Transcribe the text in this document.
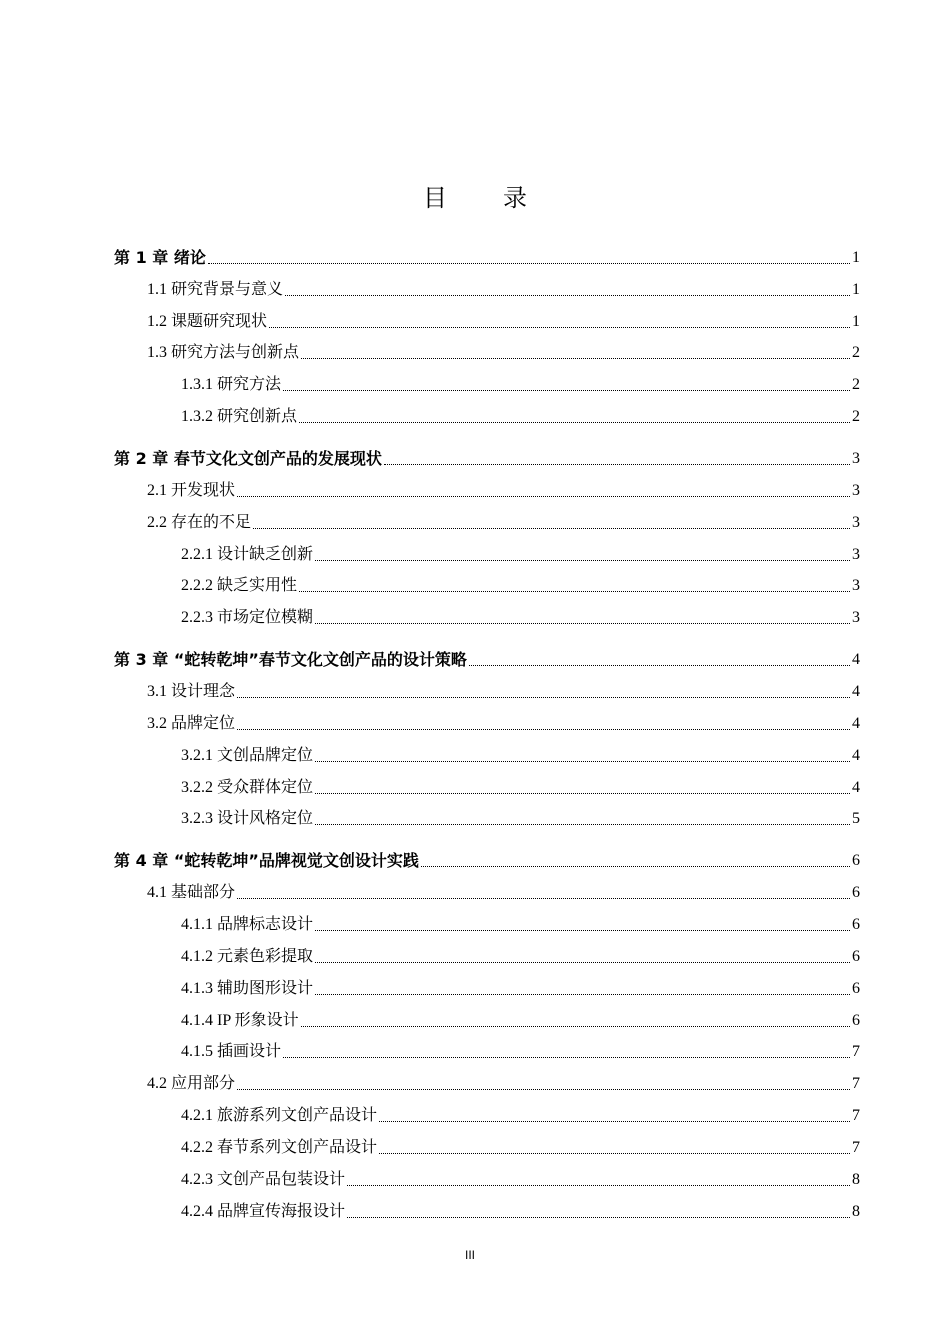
目　录
第 1 章 绪论	1
1.1 研究背景与意义	1
1.2 课题研究现状	1
1.3 研究方法与创新点	2
1.3.1 研究方法	2
1.3.2 研究创新点	2
第 2 章 春节文化文创产品的发展现状	3
2.1 开发现状	3
2.2 存在的不足	3
2.2.1 设计缺乏创新	3
2.2.2 缺乏实用性	3
2.2.3 市场定位模糊	3
第 3 章 “蛇转乾坤”春节文化文创产品的设计策略	4
3.1 设计理念	4
3.2 品牌定位	4
3.2.1 文创品牌定位	4
3.2.2 受众群体定位	4
3.2.3 设计风格定位	5
第 4 章 “蛇转乾坤”品牌视觉文创设计实践	6
4.1 基础部分	6
4.1.1 品牌标志设计	6
4.1.2 元素色彩提取	6
4.1.3 辅助图形设计	6
4.1.4 IP 形象设计	6
4.1.5 插画设计	7
4.2 应用部分	7
4.2.1 旅游系列文创产品设计	7
4.2.2 春节系列文创产品设计	7
4.2.3 文创产品包装设计	8
4.2.4 品牌宣传海报设计	8
III
